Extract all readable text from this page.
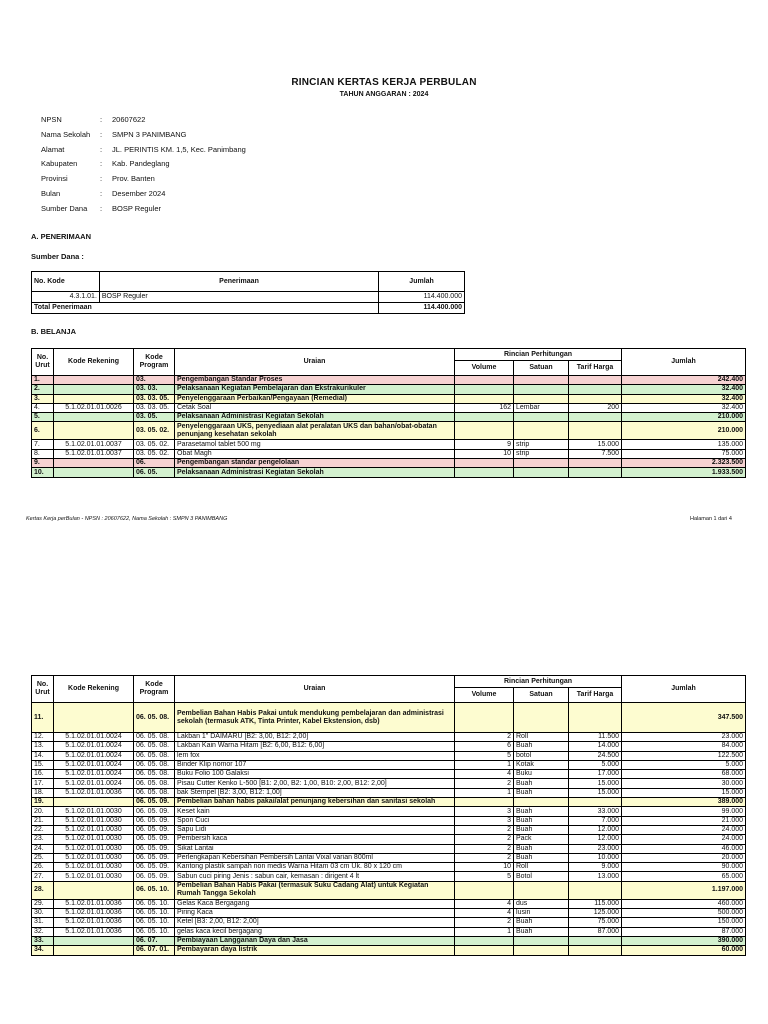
RINCIAN KERTAS KERJA PERBULAN
TAHUN ANGGARAN : 2024
NPSN	:	20607622
Nama Sekolah	:	SMPN 3 PANIMBANG
Alamat	:	JL. PERINTIS KM. 1,5, Kec. Panimbang
Kabupaten	:	Kab. Pandeglang
Provinsi	:	Prov. Banten
Bulan	:	Desember 2024
Sumber Dana	:	BOSP Reguler
A. PENERIMAAN
Sumber Dana :
No. Kode	Penerimaan	Jumlah
4.3.1.01.	BOSP Reguler	114.400.000
Total Penerimaan		114.400.000
B. BELANJA
No. Urut	Kode Rekening	Kode Program	Uraian	Rincian Perhitungan			Jumlah
				Volume	Satuan	Tarif Harga	
1.		03.	Pengembangan Standar Proses				242.400
2.		03. 03.	Pelaksanaan Kegiatan Pembelajaran dan Ekstrakurikuler				32.400
3.		03. 03. 05.	Penyelenggaraan Perbaikan/Pengayaan (Remedial)				32.400
4.	5.1.02.01.01.0026	03. 03. 05.	Cetak Soal	162	Lembar	200	32.400
5.		03. 05.	Pelaksanaan Administrasi Kegiatan Sekolah				210.000
6.		03. 05. 02.	Penyelenggaraan UKS, penyediaan alat peralatan UKS dan bahan/obat-obatan penunjang kesehatan sekolah				210.000
7.	5.1.02.01.01.0037	03. 05. 02.	Parasetamol tablet 500 mg	9	strip	15.000	135.000
8.	5.1.02.01.01.0037	03. 05. 02.	Obat Magh	10	strip	7.500	75.000
9.		06.	Pengembangan standar pengelolaan				2.323.500
10.		06. 05.	Pelaksanaan Administrasi Kegiatan Sekolah				1.933.500
Kertas Kerja perBulan - NPSN : 20607622, Nama Sekolah : SMPN 3 PANIMBANG	Halaman 1 dari 4
No. Urut	Kode Rekening	Kode Program	Uraian	Rincian Perhitungan			Jumlah
				Volume	Satuan	Tarif Harga	
11.		06. 05. 08.	Pembelian Bahan Habis Pakai untuk mendukung pembelajaran dan administrasi sekolah (termasuk ATK, Tinta Printer, Kabel Ekstension, dsb)				347.500
12.	5.1.02.01.01.0024	06. 05. 08.	Lakban 1" DAIMARU [B2: 3,00, B12: 2,00]	2	Roll	11.500	23.000
13.	5.1.02.01.01.0024	06. 05. 08.	Lakban Kain Warna Hitam [B2: 6,00, B12: 6,00]	6	Buah	14.000	84.000
14.	5.1.02.01.01.0024	06. 05. 08.	lem fox	5	botol	24.500	122.500
15.	5.1.02.01.01.0024	06. 05. 08.	Binder Klip nomor 107	1	Kotak	5.000	5.000
16.	5.1.02.01.01.0024	06. 05. 08.	Buku Folio 100 Galaksi	4	Buku	17.000	68.000
17.	5.1.02.01.01.0024	06. 05. 08.	Pisau Cutter Kenko L-500 [B1: 2,00, B2: 1,00, B10: 2,00, B12: 2,00]	2	Buah	15.000	30.000
18.	5.1.02.01.01.0036	06. 05. 08.	bak Stempel [B2: 3,00, B12: 1,00]	1	Buah	15.000	15.000
19.		06. 05. 09.	Pembelian bahan habis pakai/alat penunjang kebersihan dan sanitasi sekolah				389.000
20.	5.1.02.01.01.0030	06. 05. 09.	Keset kain	3	Buah	33.000	99.000
21.	5.1.02.01.01.0030	06. 05. 09.	Spon Cuci	3	Buah	7.000	21.000
22.	5.1.02.01.01.0030	06. 05. 09.	Sapu Lidi	2	Buah	12.000	24.000
23.	5.1.02.01.01.0030	06. 05. 09.	Pembersih kaca	2	Pack	12.000	24.000
24.	5.1.02.01.01.0030	06. 05. 09.	Sikat Lantai	2	Buah	23.000	46.000
25.	5.1.02.01.01.0030	06. 05. 09.	Perlengkapan Kebersihan Pembersih Lantai Vixal varian 800ml	2	Buah	10.000	20.000
26.	5.1.02.01.01.0030	06. 05. 09.	Kantong plastik sampah non medis Warna Hitam 03 cm Uk. 80 x 120 cm	10	Roll	9.000	90.000
27.	5.1.02.01.01.0030	06. 05. 09.	Sabun cuci piring Jenis : sabun cair, kemasan : dirigent 4 lt	5	Botol	13.000	65.000
28.		06. 05. 10.	Pembelian Bahan Habis Pakai (termasuk Suku Cadang Alat) untuk Kegiatan Rumah Tangga Sekolah				1.197.000
29.	5.1.02.01.01.0036	06. 05. 10.	Gelas Kaca Bergagang	4	dus	115.000	460.000
30.	5.1.02.01.01.0036	06. 05. 10.	Piring Kaca	4	lusin	125.000	500.000
31.	5.1.02.01.01.0036	06. 05. 10.	Ketel [B3: 2,00, B12: 2,00]	2	Buah	75.000	150.000
32.	5.1.02.01.01.0036	06. 05. 10.	gelas kaca kecil bergagang	1	Buah	87.000	87.000
33.		06. 07.	Pembiayaan Langganan Daya dan Jasa				390.000
34.		06. 07. 01.	Pembayaran daya listrik				60.000
